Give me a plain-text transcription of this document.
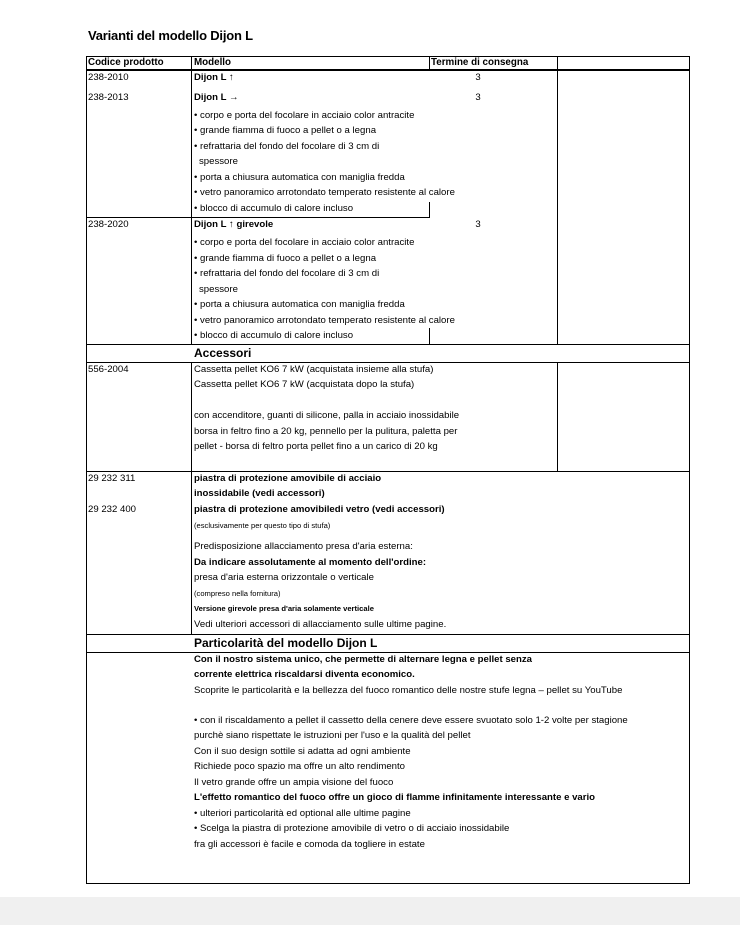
Varianti del modello Dijon L
Codice prodotto	Modello	Termine di consegna
238-2010	Dijon L ↑	3
238-2013	Dijon L →	3
• corpo e porta del focolare in acciaio color antracite
• grande fiamma di fuoco a pellet o a legna
• refrattaria del fondo del focolare di 3 cm di
spessore
• porta a chiusura automatica con maniglia fredda
• vetro panoramico arrotondato temperato resistente al calore
• blocco di accumulo di calore incluso
238-2020	Dijon L ↑ girevole	3
• corpo e porta del focolare in acciaio color antracite
• grande fiamma di fuoco a pellet o a legna
• refrattaria del fondo del focolare di 3 cm di
spessore
• porta a chiusura automatica con maniglia fredda
• vetro panoramico arrotondato temperato resistente al calore
• blocco di accumulo di calore incluso
Accessori
556-2004	Cassetta pellet KO6 7 kW (acquistata insieme alla stufa)
Cassetta pellet KO6 7 kW (acquistata dopo la stufa)
con accenditore, guanti di silicone, palla in acciaio inossidabile
borsa in feltro fino a 20 kg, pennello per la pulitura, paletta per
pellet - borsa di feltro porta pellet fino a un carico di 20 kg
29 232 311	piastra di protezione amovibile di acciaio
inossidabile (vedi accessori)
29 232 400	piastra di protezione amovibiledi vetro (vedi accessori)
(esclusivamente per questo tipo di stufa)
Predisposizione allacciamento presa d'aria esterna:
Da indicare assolutamente al momento dell'ordine:
presa d'aria esterna orizzontale o verticale
(compreso nella fornitura)
Versione girevole presa d'aria solamente verticale
Vedi ulteriori accessori di allacciamento sulle ultime pagine.
Particolarità del modello Dijon L
Con il nostro sistema unico, che permette di alternare legna e pellet senza
corrente elettrica riscaldarsi diventa economico.
Scoprite le particolarità e la bellezza del fuoco romantico delle nostre stufe legna – pellet su YouTube
• con il riscaldamento a pellet il cassetto della cenere deve essere svuotato solo 1-2 volte per stagione
purchè siano rispettate le istruzioni per l'uso e la qualità del pellet
Con il suo design sottile si adatta ad ogni ambiente
Richiede poco spazio ma offre un alto rendimento
Il vetro grande offre un ampia visione del fuoco
L'effetto romantico del fuoco offre un gioco di flamme infinitamente interessante e vario
• ulteriori particolarità ed optional alle ultime pagine
• Scelga la piastra di protezione amovibile di vetro o di acciaio inossidabile
fra gli accessori è facile e comoda da togliere in estate
